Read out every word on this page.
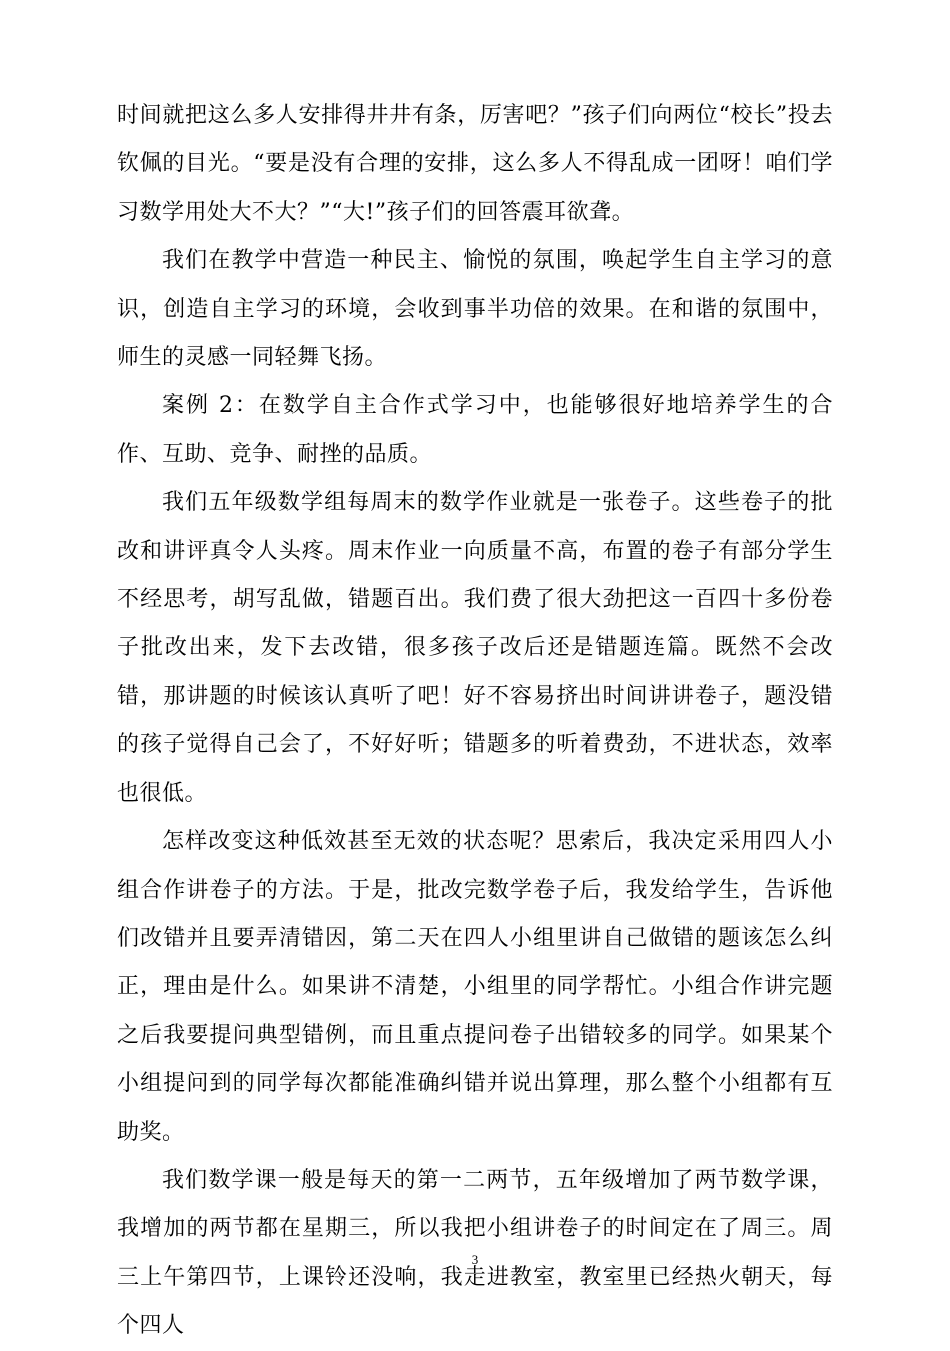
时间就把这么多人安排得井井有条，厉害吧？”孩子们向两位“校长”投去钦佩的目光。“要是没有合理的安排，这么多人不得乱成一团呀！咱们学习数学用处大不大？”“大!”孩子们的回答震耳欲聋。

我们在教学中营造一种民主、愉悦的氛围，唤起学生自主学习的意识，创造自主学习的环境，会收到事半功倍的效果。在和谐的氛围中，师生的灵感一同轻舞飞扬。

案例 2：在数学自主合作式学习中，也能够很好地培养学生的合作、互助、竞争、耐挫的品质。

我们五年级数学组每周末的数学作业就是一张卷子。这些卷子的批改和讲评真令人头疼。周末作业一向质量不高，布置的卷子有部分学生不经思考，胡写乱做，错题百出。我们费了很大劲把这一百四十多份卷子批改出来，发下去改错，很多孩子改后还是错题连篇。既然不会改错，那讲题的时候该认真听了吧！好不容易挤出时间讲讲卷子，题没错的孩子觉得自己会了，不好好听；错题多的听着费劲，不进状态，效率也很低。

怎样改变这种低效甚至无效的状态呢？思索后，我决定采用四人小组合作讲卷子的方法。于是，批改完数学卷子后，我发给学生，告诉他们改错并且要弄清错因，第二天在四人小组里讲自己做错的题该怎么纠正，理由是什么。如果讲不清楚，小组里的同学帮忙。小组合作讲完题之后我要提问典型错例，而且重点提问卷子出错较多的同学。如果某个小组提问到的同学每次都能准确纠错并说出算理，那么整个小组都有互助奖。

我们数学课一般是每天的第一二两节，五年级增加了两节数学课，我增加的两节都在星期三，所以我把小组讲卷子的时间定在了周三。周三上午第四节，上课铃还没响，我走进教室，教室里已经热火朝天，每个四人

3
